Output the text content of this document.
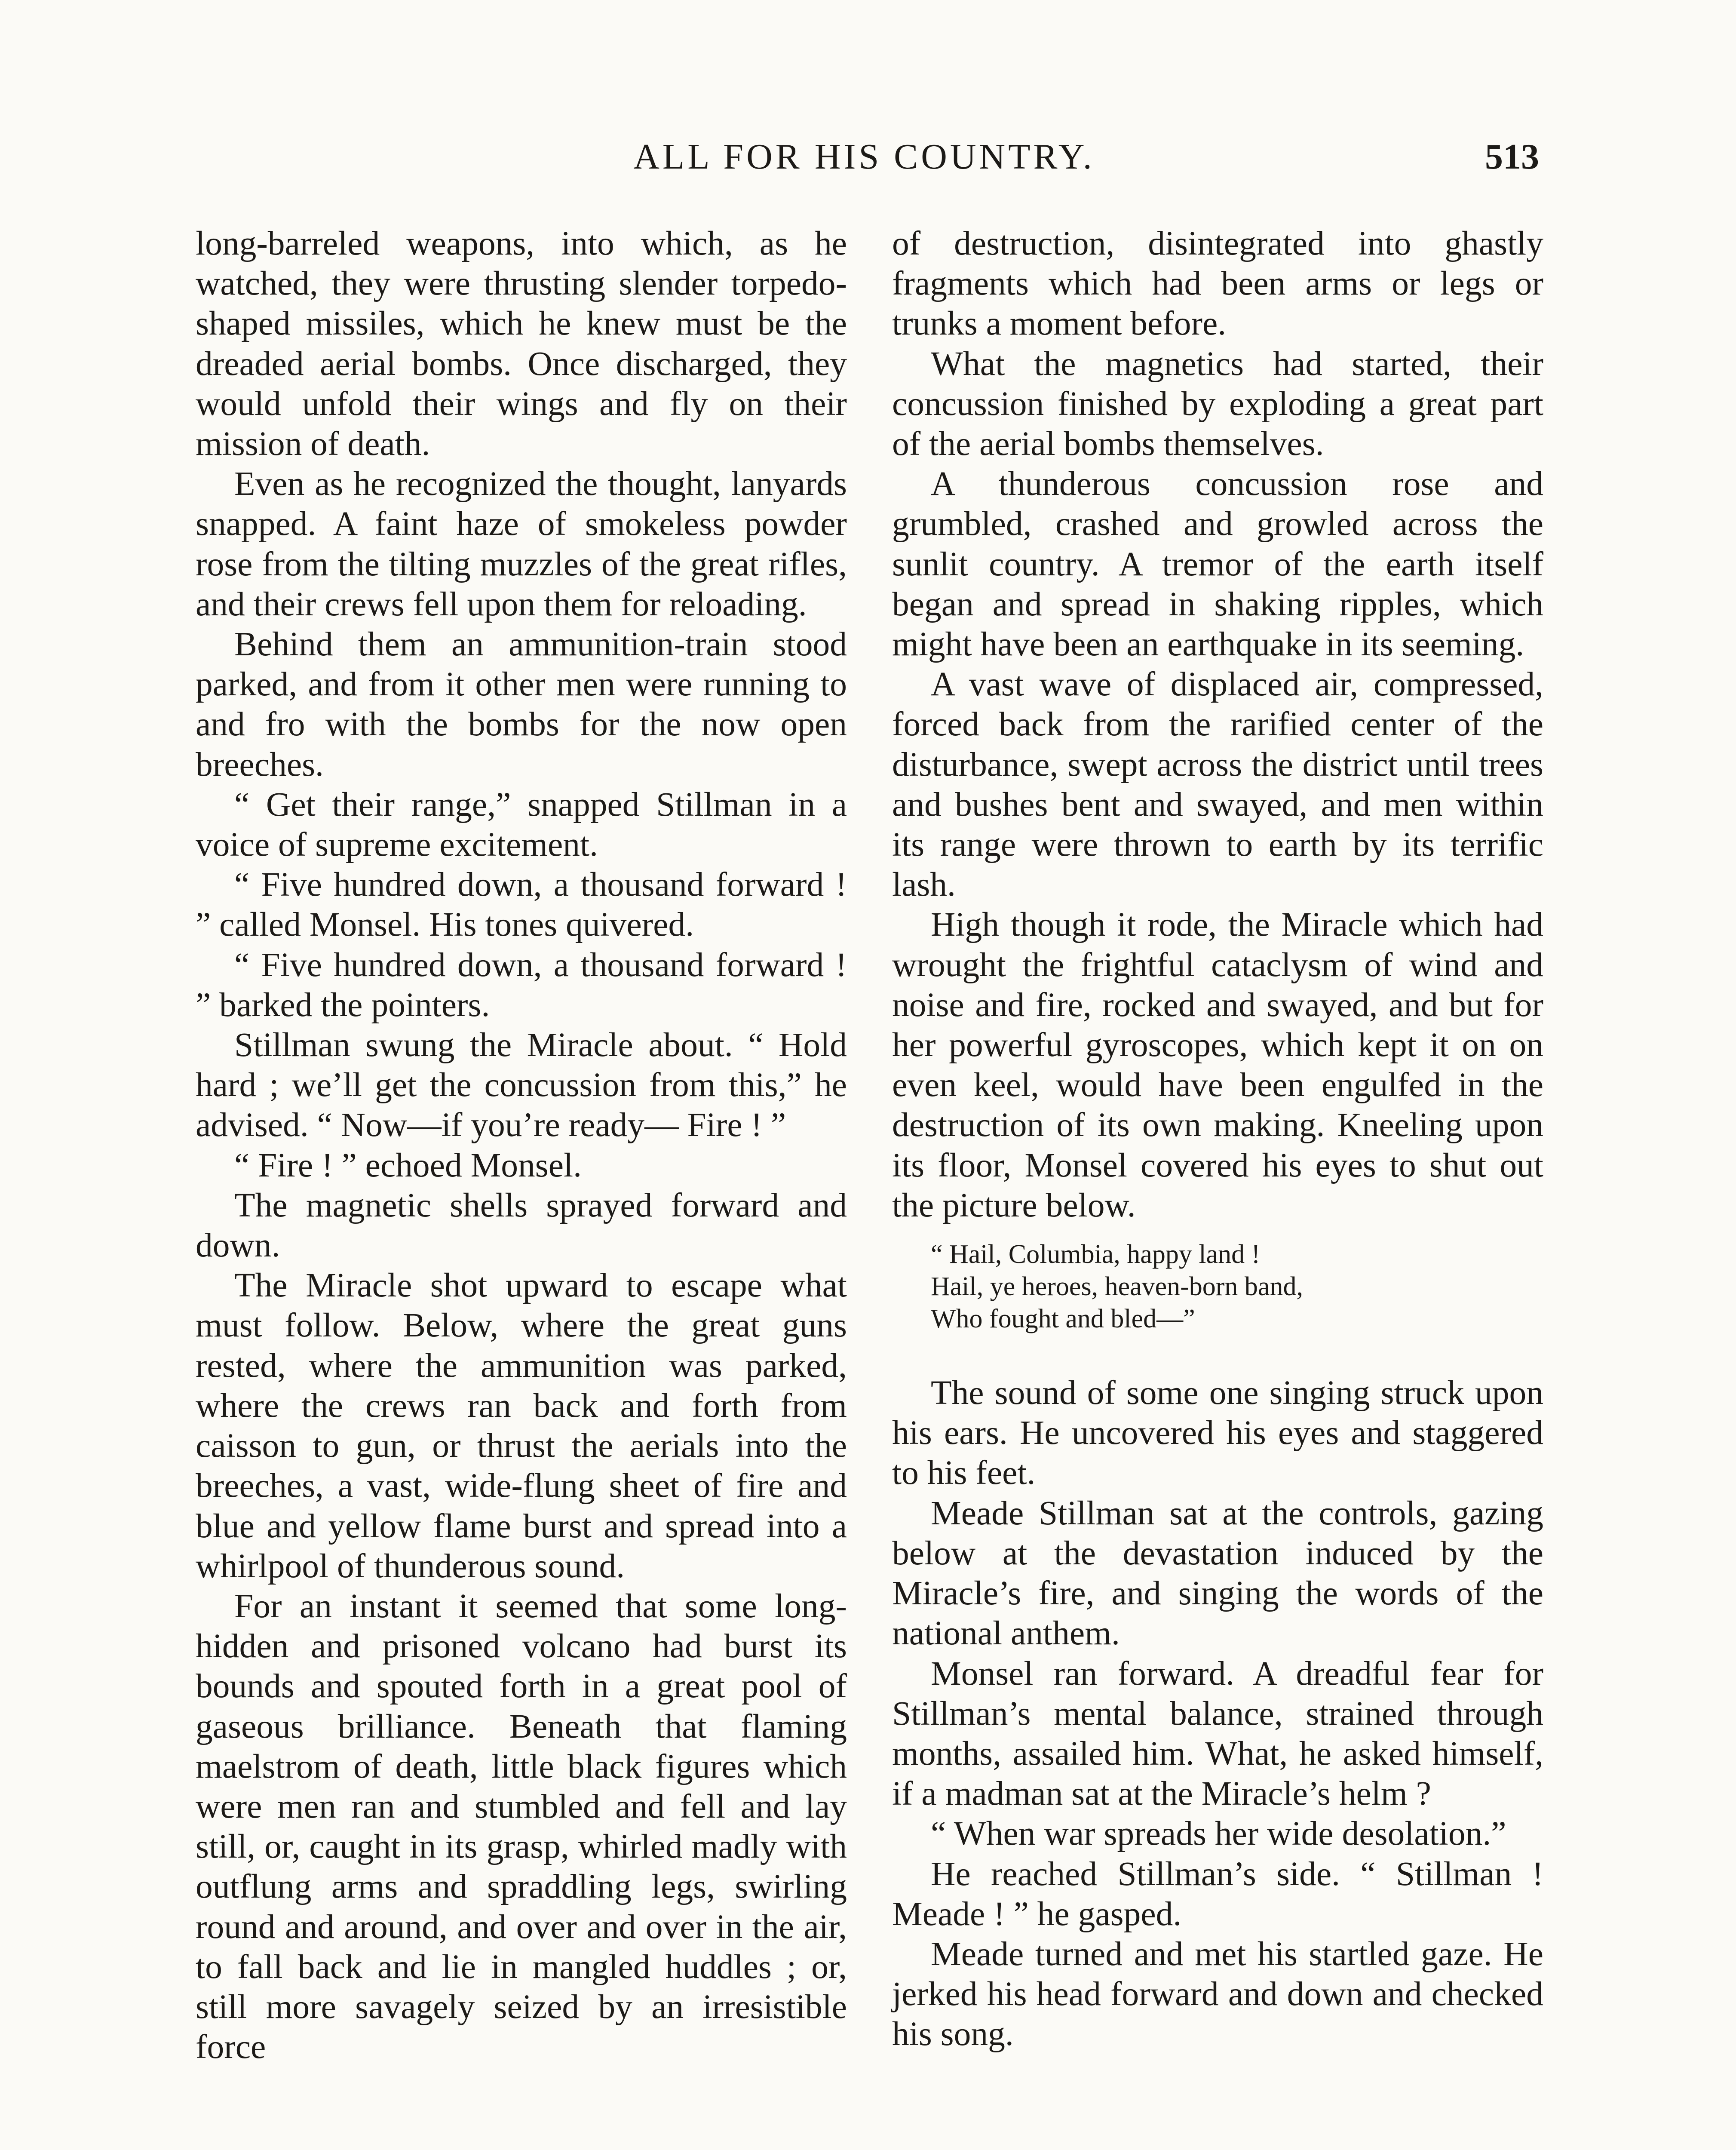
ALL FOR HIS COUNTRY.	513

long-barreled weapons, into which, as he watched, they were thrusting slender torpedo-shaped missiles, which he knew must be the dreaded aerial bombs. Once discharged, they would unfold their wings and fly on their mission of death.

Even as he recognized the thought, lanyards snapped. A faint haze of smokeless powder rose from the tilting muzzles of the great rifles, and their crews fell upon them for reloading.

Behind them an ammunition-train stood parked, and from it other men were running to and fro with the bombs for the now open breeches.

“ Get their range,” snapped Stillman in a voice of supreme excitement.

“ Five hundred down, a thousand forward ! ” called Monsel. His tones quivered.

“ Five hundred down, a thousand forward ! ” barked the pointers.

Stillman swung the Miracle about. “ Hold hard ; we’ll get the concussion from this,” he advised. “ Now—if you’re ready— Fire ! ”

“ Fire ! ” echoed Monsel.

The magnetic shells sprayed forward and down.

The Miracle shot upward to escape what must follow. Below, where the great guns rested, where the ammunition was parked, where the crews ran back and forth from caisson to gun, or thrust the aerials into the breeches, a vast, wide-flung sheet of fire and blue and yellow flame burst and spread into a whirlpool of thunderous sound.

For an instant it seemed that some long-hidden and prisoned volcano had burst its bounds and spouted forth in a great pool of gaseous brilliance. Beneath that flaming maelstrom of death, little black figures which were men ran and stumbled and fell and lay still, or, caught in its grasp, whirled madly with outflung arms and spraddling legs, swirling round and around, and over and over in the air, to fall back and lie in mangled huddles ; or, still more savagely seized by an irresistible force

of destruction, disintegrated into ghastly fragments which had been arms or legs or trunks a moment before.

What the magnetics had started, their concussion finished by exploding a great part of the aerial bombs themselves.

A thunderous concussion rose and grumbled, crashed and growled across the sunlit country. A tremor of the earth itself began and spread in shaking ripples, which might have been an earthquake in its seeming.

A vast wave of displaced air, compressed, forced back from the rarified center of the disturbance, swept across the district until trees and bushes bent and swayed, and men within its range were thrown to earth by its terrific lash.

High though it rode, the Miracle which had wrought the frightful cataclysm of wind and noise and fire, rocked and swayed, and but for her powerful gyroscopes, which kept it on on even keel, would have been engulfed in the destruction of its own making. Kneeling upon its floor, Monsel covered his eyes to shut out the picture below.

“ Hail, Columbia, happy land !
Hail, ye heroes, heaven-born band,
Who fought and bled—”

The sound of some one singing struck upon his ears. He uncovered his eyes and staggered to his feet.

Meade Stillman sat at the controls, gazing below at the devastation induced by the Miracle’s fire, and singing the words of the national anthem.

Monsel ran forward. A dreadful fear for Stillman’s mental balance, strained through months, assailed him. What, he asked himself, if a madman sat at the Miracle’s helm ?

“ When war spreads her wide desolation.”

He reached Stillman’s side. “ Stillman ! Meade ! ” he gasped.

Meade turned and met his startled gaze. He jerked his head forward and down and checked his song.
